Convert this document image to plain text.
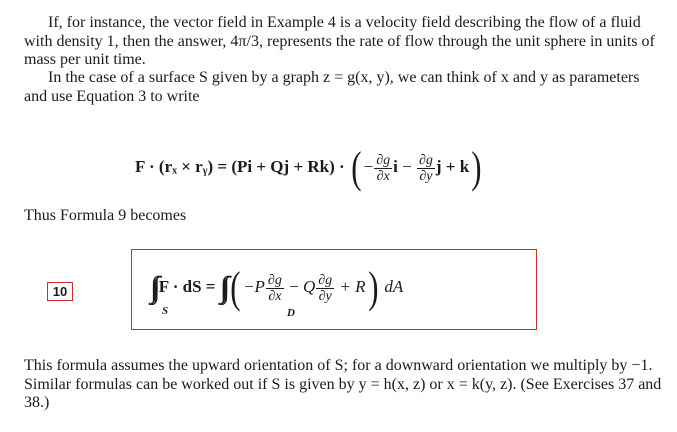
If, for instance, the vector field in Example 4 is a velocity field describing the flow of a fluid with density 1, then the answer, 4π/3, represents the rate of flow through the unit sphere in units of mass per unit time.
In the case of a surface S given by a graph z = g(x, y), we can think of x and y as parameters and use Equation 3 to write
F · (rₓ × rᵧ) = (Pi + Qj + Rk) · ( − $\frac{\partial g}{\partial x}$ $i - \frac{\partial g}{\partial y}$ j + k)
Thus Formula 9 becomes
10	∫∫ F · dS = ∫∫ ( $-P \frac{\partial g}{\partial x} - Q \frac{\partial g}{\partial y} + R$) dA
S	D
This formula assumes the upward orientation of S; for a downward orientation we multiply by −1. Similar formulas can be worked out if S is given by y = h(x, z) or x = k(y, z). (See Exercises 37 and 38.)
